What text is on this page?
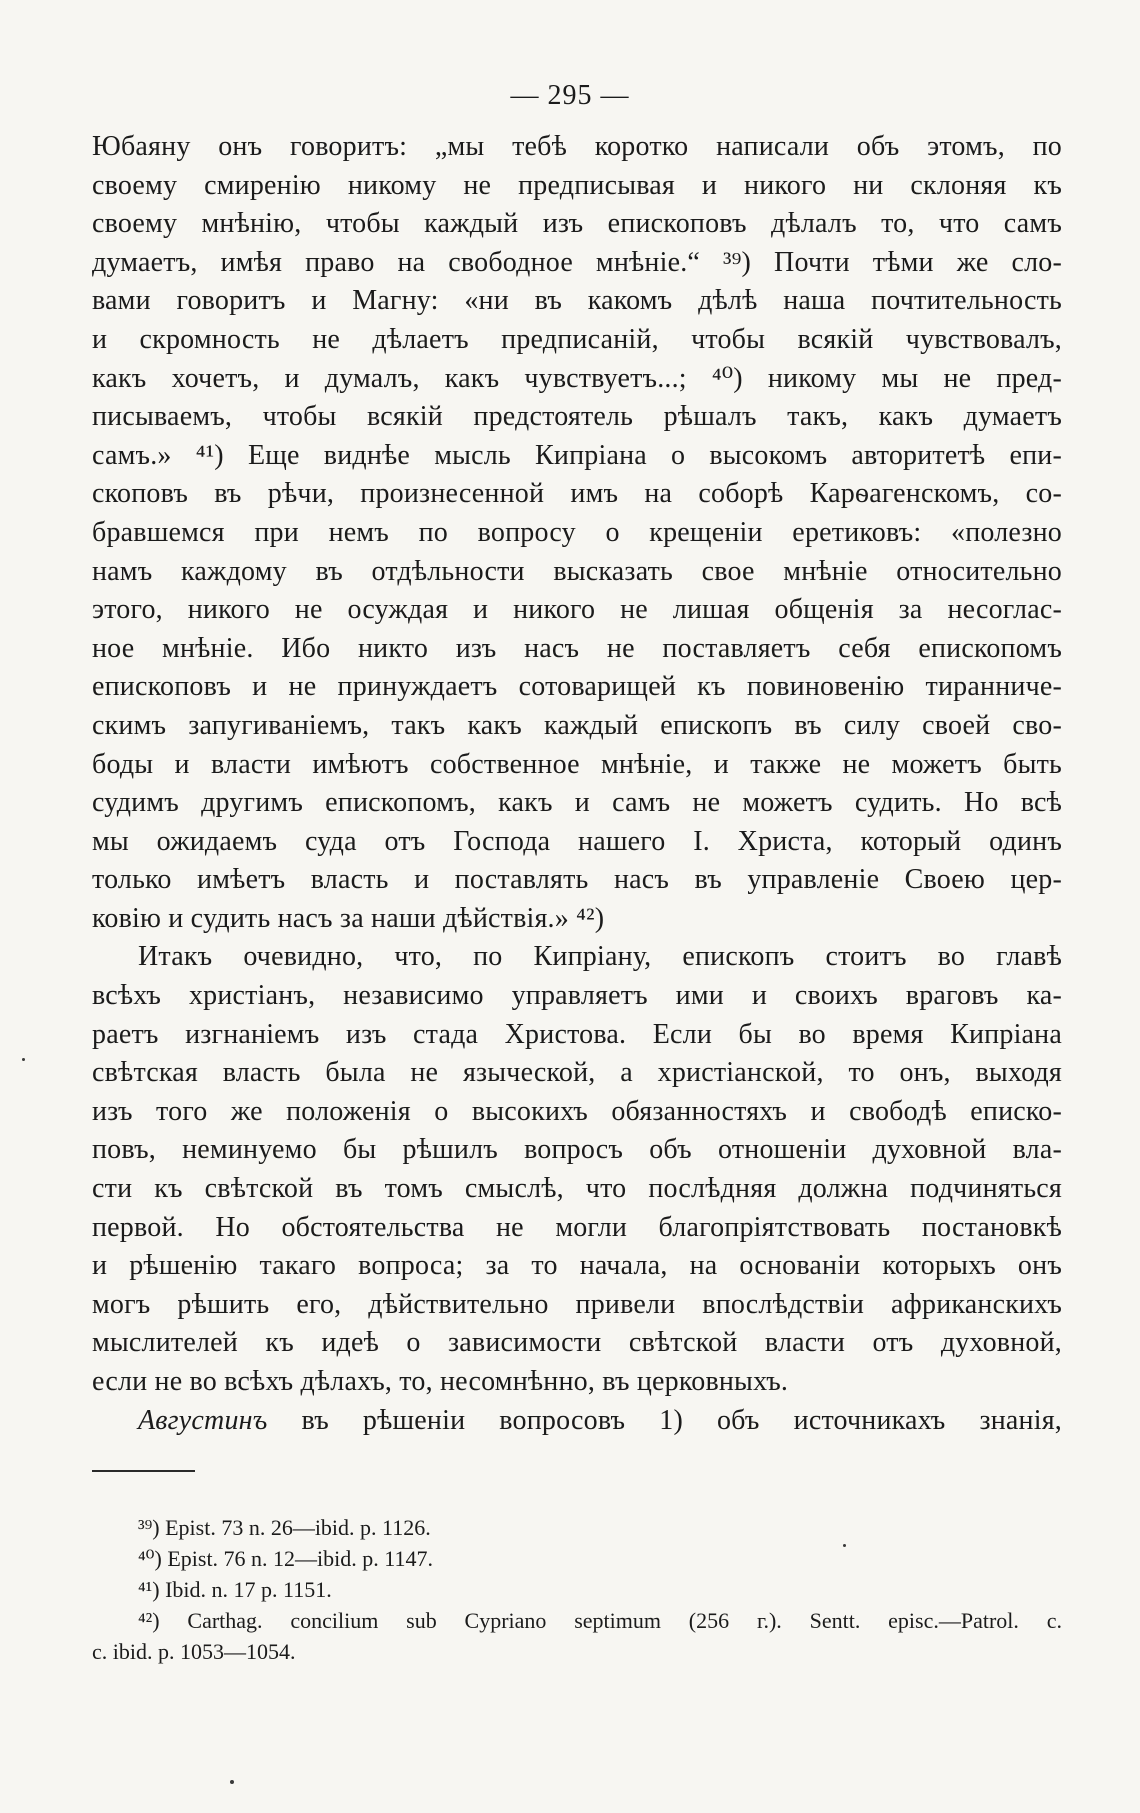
— 295 —
Юбаяну онъ говоритъ: „мы тебѣ коротко написали объ этомъ, по
своему смиренію никому не предписывая и никого ни склоняя къ
своему мнѣнію, чтобы каждый изъ епископовъ дѣлалъ то, что самъ
думаетъ, имѣя право на свободное мнѣніе.“ ³⁹) Почти тѣми же сло-
вами говоритъ и Магну: «ни въ какомъ дѣлѣ наша почтительность
и скромность не дѣлаетъ предписаній, чтобы всякій чувствовалъ,
какъ хочетъ, и думалъ, какъ чувствуетъ...; ⁴⁰) никому мы не пред-
писываемъ, чтобы всякій предстоятель рѣшалъ такъ, какъ думаетъ
самъ.» ⁴¹) Еще виднѣе мысль Кипріана о высокомъ авторитетѣ епи-
скоповъ въ рѣчи, произнесенной имъ на соборѣ Карѳагенскомъ, со-
бравшемся при немъ по вопросу о крещеніи еретиковъ: «полезно
намъ каждому въ отдѣльности высказать свое мнѣніе относительно
этого, никого не осуждая и никого не лишая общенія за несоглас-
ное мнѣніе. Ибо никто изъ насъ не поставляетъ себя епископомъ
епископовъ и не принуждаетъ сотоварищей къ повиновенію тиранниче-
скимъ запугиваніемъ, такъ какъ каждый епископъ въ силу своей сво-
боды и власти имѣютъ собственное мнѣніе, и также не можетъ быть
судимъ другимъ епископомъ, какъ и самъ не можетъ судить. Но всѣ
мы ожидаемъ суда отъ Господа нашего І. Христа, который одинъ
только имѣетъ власть и поставлять насъ въ управленіе Своею цер-
ковію и судить насъ за наши дѣйствія.» ⁴²)
Итакъ очевидно, что, по Кипріану, епископъ стоитъ во главѣ
всѣхъ христіанъ, независимо управляетъ ими и своихъ враговъ ка-
раетъ изгнаніемъ изъ стада Христова. Если бы во время Кипріана
свѣтская власть была не языческой, а христіанской, то онъ, выходя
изъ того же положенія о высокихъ обязанностяхъ и свободѣ еписко-
повъ, неминуемо бы рѣшилъ вопросъ объ отношеніи духовной вла-
сти къ свѣтской въ томъ смыслѣ, что послѣдняя должна подчиняться
первой. Но обстоятельства не могли благопріятствовать постановкѣ
и рѣшенію такаго вопроса; за то начала, на основаніи которыхъ онъ
могъ рѣшить его, дѣйствительно привели впослѣдствіи африканскихъ
мыслителей къ идеѣ о зависимости свѣтской власти отъ духовной,
если не во всѣхъ дѣлахъ, то, несомнѣнно, въ церковныхъ.
Августинъ въ рѣшеніи вопросовъ 1) объ источникахъ знанія,
³⁹) Epist. 73 n. 26—ibid. p. 1126.
⁴⁰) Epist. 76 n. 12—ibid. p. 1147.
⁴¹) Ibid. n. 17 p. 1151.
⁴²) Carthag. concilium sub Cypriano septimum (256 г.). Sentt. episc.—Patrol. c.
c. ibid. p. 1053—1054.
